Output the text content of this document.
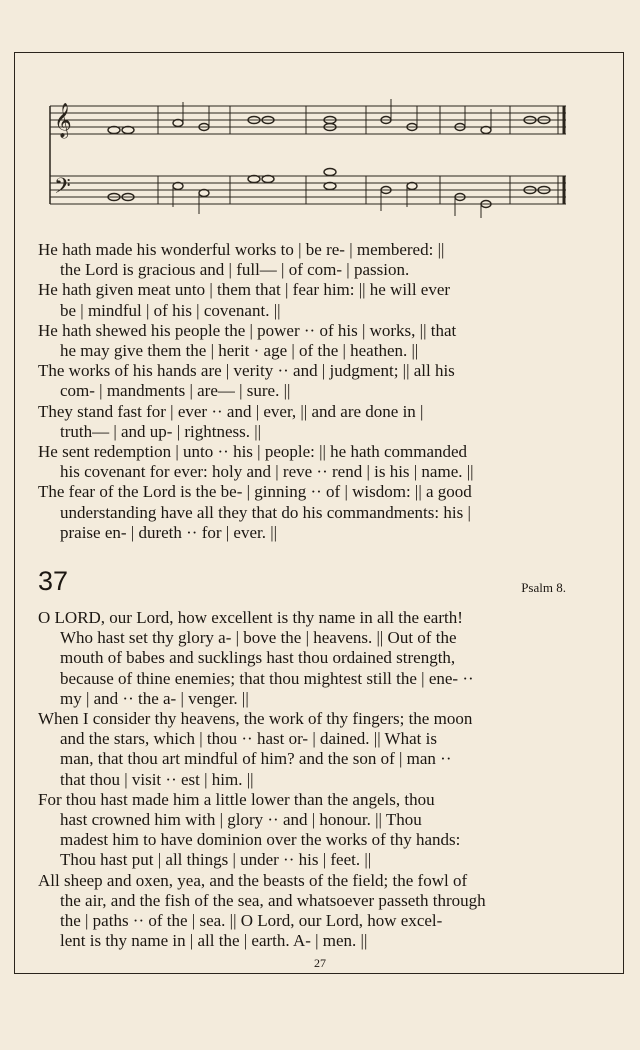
𝄞
𝄢
He hath made his wonderful works to | be re- | membered: ||
the Lord is gracious and | full— | of com- | passion.
He hath given meat unto | them that | fear him: || he will ever
be | mindful | of his | covenant. ||
He hath shewed his people the | power ·· of his | works, || that
he may give them the | herit · age | of the | heathen. ||
The works of his hands are | verity ·· and | judgment; || all his
com- | mandments | are— | sure. ||
They stand fast for | ever ·· and | ever, || and are done in |
truth— | and up- | rightness. ||
He sent redemption | unto ·· his | people: || he hath commanded
his covenant for ever: holy and | reve ·· rend | is his | name. ||
The fear of the Lord is the be- | ginning ·· of | wisdom: || a good
understanding have all they that do his commandments: his |
praise en- | dureth ·· for | ever. ||
37	Psalm 8.
O LORD, our Lord, how excellent is thy name in all the earth!
Who hast set thy glory a- | bove the | heavens. || Out of the
mouth of babes and sucklings hast thou ordained strength,
because of thine enemies; that thou mightest still the | ene- ··
my | and ·· the a- | venger. ||
When I consider thy heavens, the work of thy fingers; the moon
and the stars, which | thou ·· hast or- | dained. || What is
man, that thou art mindful of him? and the son of | man ··
that thou | visit ·· est | him. ||
For thou hast made him a little lower than the angels, thou
hast crowned him with | glory ·· and | honour. || Thou
madest him to have dominion over the works of thy hands:
Thou hast put | all things | under ·· his | feet. ||
All sheep and oxen, yea, and the beasts of the field; the fowl of
the air, and the fish of the sea, and whatsoever passeth through
the | paths ·· of the | sea. || O Lord, our Lord, how excel-
lent is thy name in | all the | earth. A- | men. ||
27
